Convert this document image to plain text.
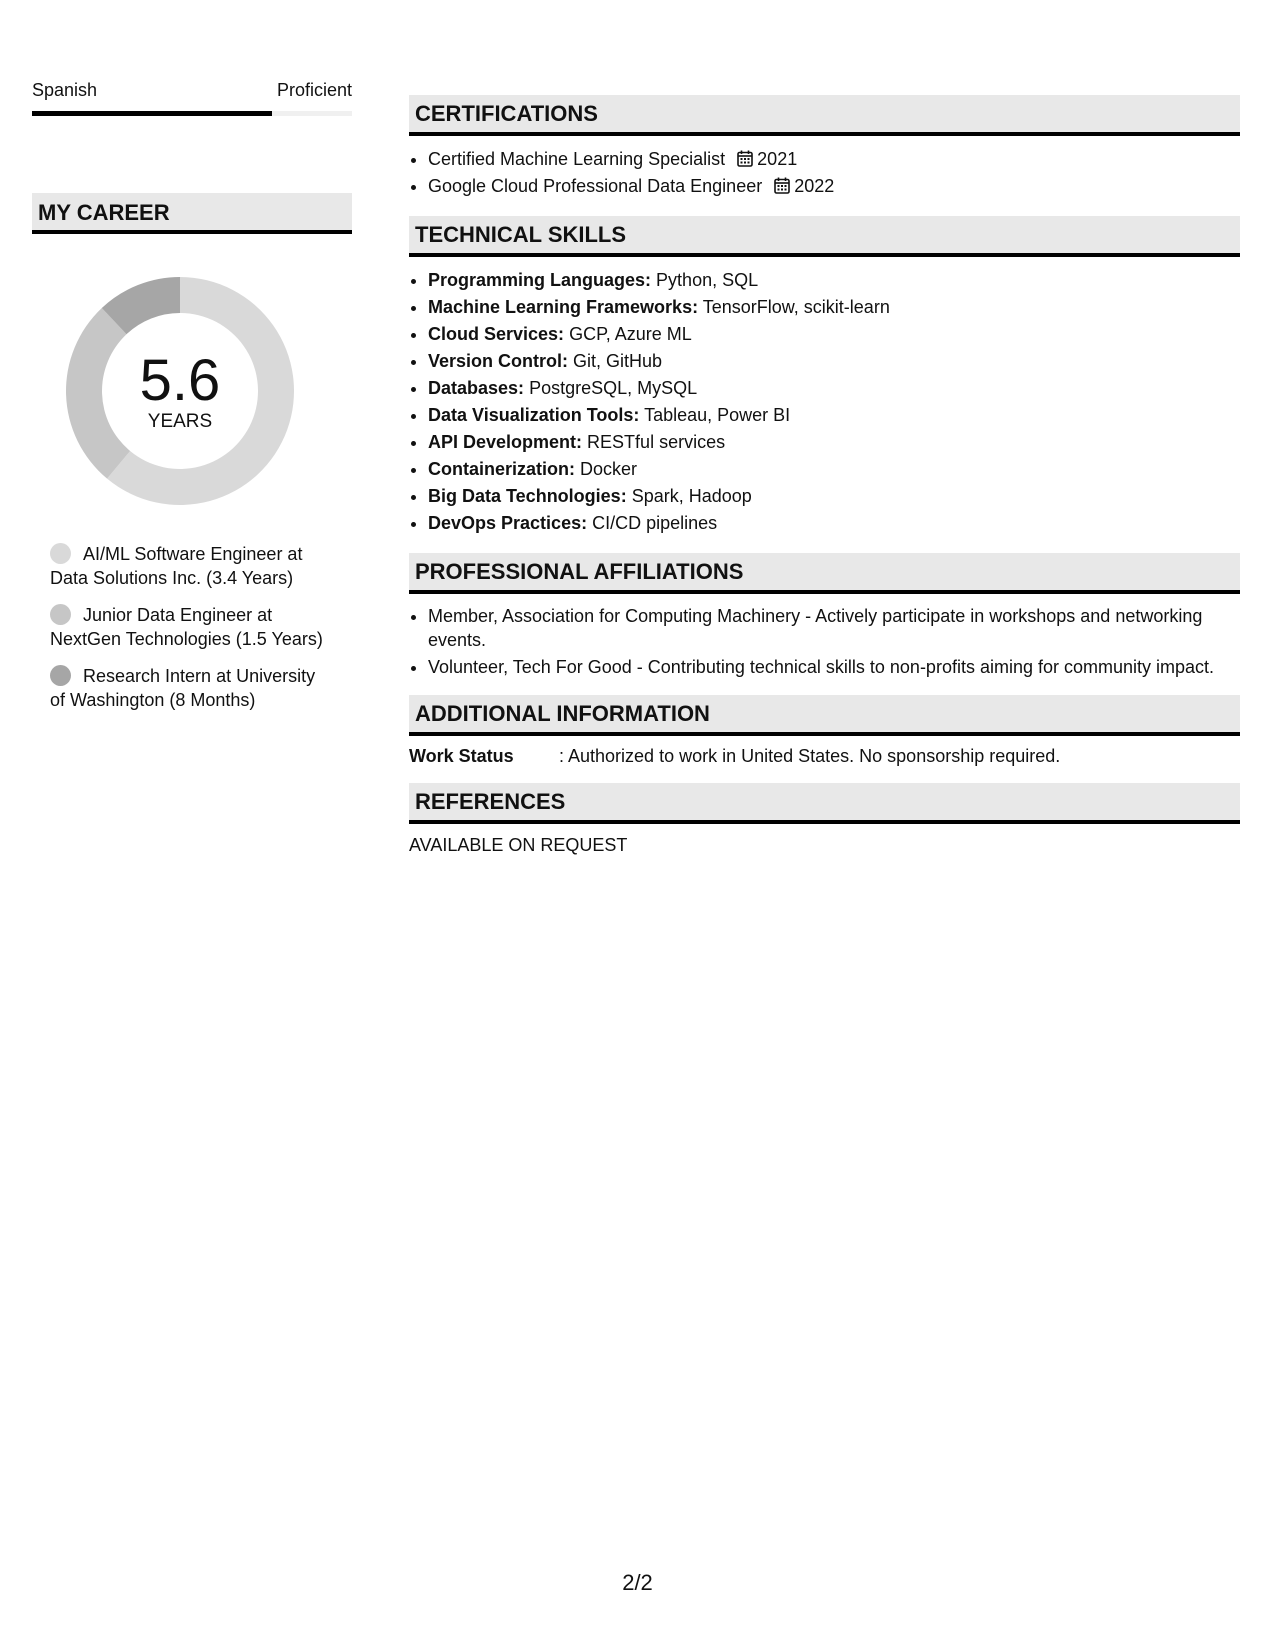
Spanish	Proficient
MY CAREER
5.6
YEARS
AI/ML Software Engineer at Data Solutions Inc. (3.4 Years)
Junior Data Engineer at NextGen Technologies (1.5 Years)
Research Intern at University of Washington (8 Months)
CERTIFICATIONS
• Certified Machine Learning Specialist 2021
• Google Cloud Professional Data Engineer 2022
TECHNICAL SKILLS
• Programming Languages: Python, SQL
• Machine Learning Frameworks: TensorFlow, scikit-learn
• Cloud Services: GCP, Azure ML
• Version Control: Git, GitHub
• Databases: PostgreSQL, MySQL
• Data Visualization Tools: Tableau, Power BI
• API Development: RESTful services
• Containerization: Docker
• Big Data Technologies: Spark, Hadoop
• DevOps Practices: CI/CD pipelines
PROFESSIONAL AFFILIATIONS
• Member, Association for Computing Machinery - Actively participate in workshops and networking events.
• Volunteer, Tech For Good - Contributing technical skills to non-profits aiming for community impact.
ADDITIONAL INFORMATION
Work Status	: Authorized to work in United States. No sponsorship required.
REFERENCES
AVAILABLE ON REQUEST
2/2
